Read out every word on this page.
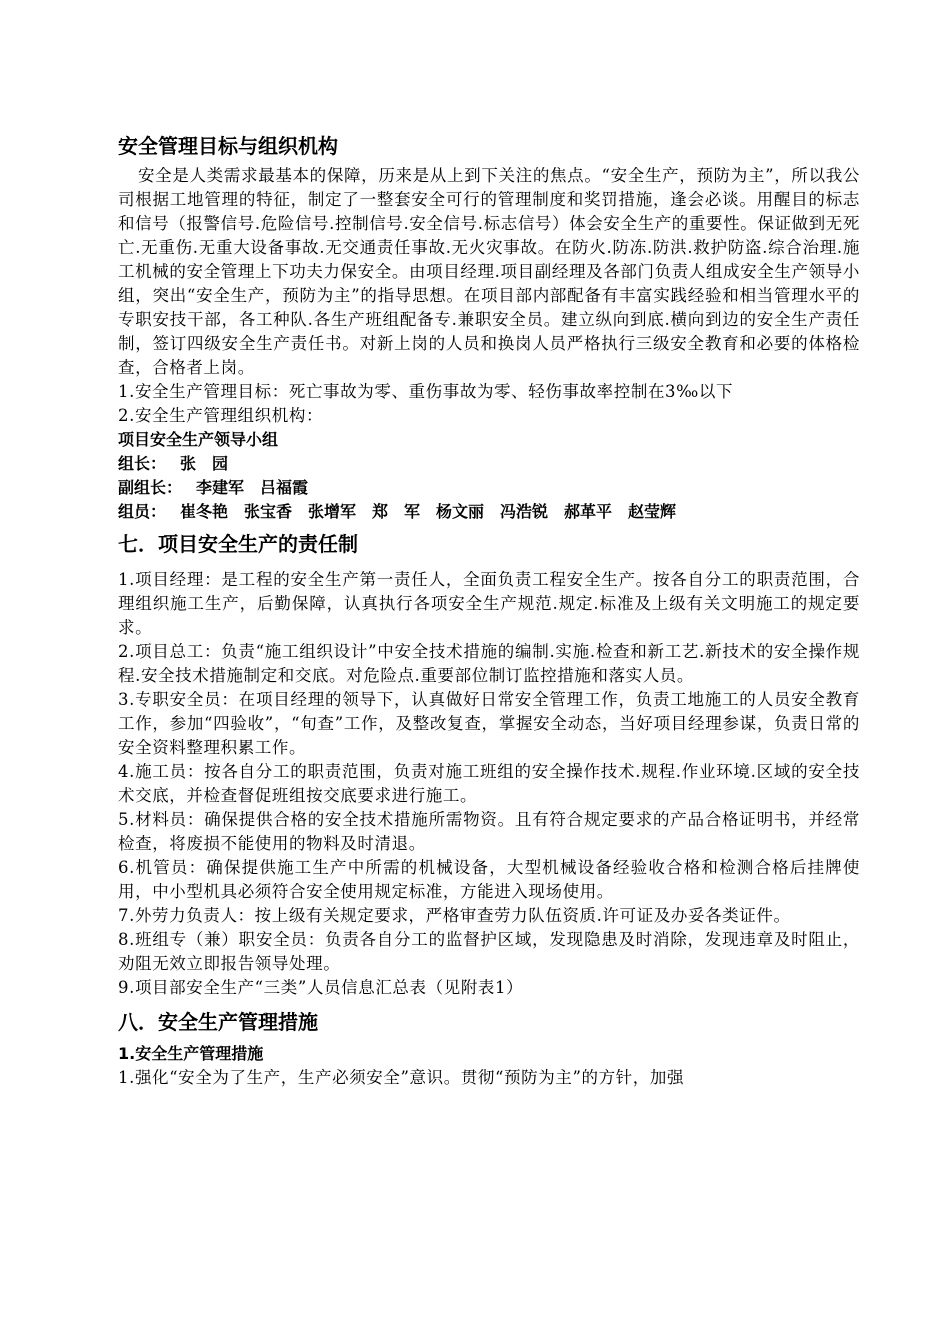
安全管理目标与组织机构

安全是人类需求最基本的保障，历来是从上到下关注的焦点。“安全生产，预防为主”，所以我公司根据工地管理的特征，制定了一整套安全可行的管理制度和奖罚措施，逢会必谈。用醒目的标志和信号（报警信号.危险信号.控制信号.安全信号.标志信号）体会安全生产的重要性。保证做到无死亡.无重伤.无重大设备事故.无交通责任事故.无火灾事故。在防火.防冻.防洪.救护防盗.综合治理.施工机械的安全管理上下功夫力保安全。由项目经理.项目副经理及各部门负责人组成安全生产领导小组，突出“安全生产，预防为主”的指导思想。在项目部内部配备有丰富实践经验和相当管理水平的专职安技干部，各工种队.各生产班组配备专.兼职安全员。建立纵向到底.横向到边的安全生产责任制，签订四级安全生产责任书。对新上岗的人员和换岗人员严格执行三级安全教育和必要的体格检查，合格者上岗。

1.安全生产管理目标：死亡事故为零、重伤事故为零、轻伤事故率控制在3‰以下

2.安全生产管理组织机构：

项目安全生产领导小组

组长： 张　园

副组长： 李建军　吕福霞

组员： 崔冬艳　张宝香　张增军　郑　军　杨文丽　冯浩锐　郝革平　赵莹辉

七．项目安全生产的责任制

1.项目经理：是工程的安全生产第一责任人，全面负责工程安全生产。按各自分工的职责范围，合理组织施工生产，后勤保障，认真执行各项安全生产规范.规定.标准及上级有关文明施工的规定要求。

2.项目总工：负责“施工组织设计”中安全技术措施的编制.实施.检查和新工艺.新技术的安全操作规程.安全技术措施制定和交底。对危险点.重要部位制订监控措施和落实人员。

3.专职安全员：在项目经理的领导下，认真做好日常安全管理工作，负责工地施工的人员安全教育工作，参加“四验收”，“旬查”工作，及整改复查，掌握安全动态，当好项目经理参谋，负责日常的安全资料整理积累工作。

4.施工员：按各自分工的职责范围，负责对施工班组的安全操作技术.规程.作业环境.区域的安全技术交底，并检查督促班组按交底要求进行施工。

5.材料员：确保提供合格的安全技术措施所需物资。且有符合规定要求的产品合格证明书，并经常检查，将废损不能使用的物料及时清退。

6.机管员：确保提供施工生产中所需的机械设备，大型机械设备经验收合格和检测合格后挂牌使用，中小型机具必须符合安全使用规定标准，方能进入现场使用。

7.外劳力负责人：按上级有关规定要求，严格审查劳力队伍资质.许可证及办妥各类证件。

8.班组专（兼）职安全员：负责各自分工的监督护区域，发现隐患及时消除，发现违章及时阻止，劝阻无效立即报告领导处理。

9.项目部安全生产“三类”人员信息汇总表（见附表1）

八．安全生产管理措施

1.安全生产管理措施

1.强化“安全为了生产，生产必须安全”意识。贯彻“预防为主”的方针，加强
